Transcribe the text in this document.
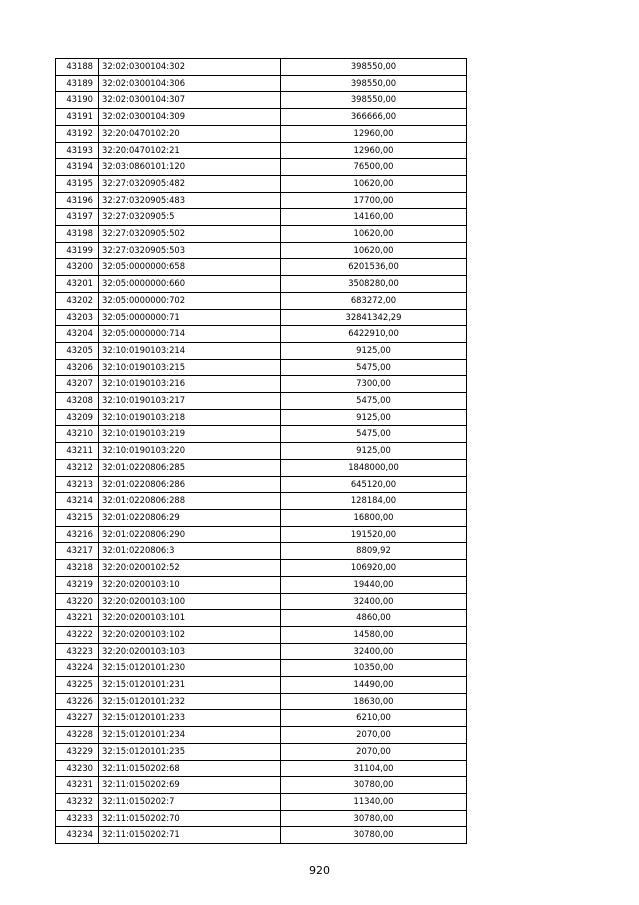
43188	32:02:0300104:302	398550,00
43189	32:02:0300104:306	398550,00
43190	32:02:0300104:307	398550,00
43191	32:02:0300104:309	366666,00
43192	32:20:0470102:20	12960,00
43193	32:20:0470102:21	12960,00
43194	32:03:0860101:120	76500,00
43195	32:27:0320905:482	10620,00
43196	32:27:0320905:483	17700,00
43197	32:27:0320905:5	14160,00
43198	32:27:0320905:502	10620,00
43199	32:27:0320905:503	10620,00
43200	32:05:0000000:658	6201536,00
43201	32:05:0000000:660	3508280,00
43202	32:05:0000000:702	683272,00
43203	32:05:0000000:71	32841342,29
43204	32:05:0000000:714	6422910,00
43205	32:10:0190103:214	9125,00
43206	32:10:0190103:215	5475,00
43207	32:10:0190103:216	7300,00
43208	32:10:0190103:217	5475,00
43209	32:10:0190103:218	9125,00
43210	32:10:0190103:219	5475,00
43211	32:10:0190103:220	9125,00
43212	32:01:0220806:285	1848000,00
43213	32:01:0220806:286	645120,00
43214	32:01:0220806:288	128184,00
43215	32:01:0220806:29	16800,00
43216	32:01:0220806:290	191520,00
43217	32:01:0220806:3	8809,92
43218	32:20:0200102:52	106920,00
43219	32:20:0200103:10	19440,00
43220	32:20:0200103:100	32400,00
43221	32:20:0200103:101	4860,00
43222	32:20:0200103:102	14580,00
43223	32:20:0200103:103	32400,00
43224	32:15:0120101:230	10350,00
43225	32:15:0120101:231	14490,00
43226	32:15:0120101:232	18630,00
43227	32:15:0120101:233	6210,00
43228	32:15:0120101:234	2070,00
43229	32:15:0120101:235	2070,00
43230	32:11:0150202:68	31104,00
43231	32:11:0150202:69	30780,00
43232	32:11:0150202:7	11340,00
43233	32:11:0150202:70	30780,00
43234	32:11:0150202:71	30780,00
920
